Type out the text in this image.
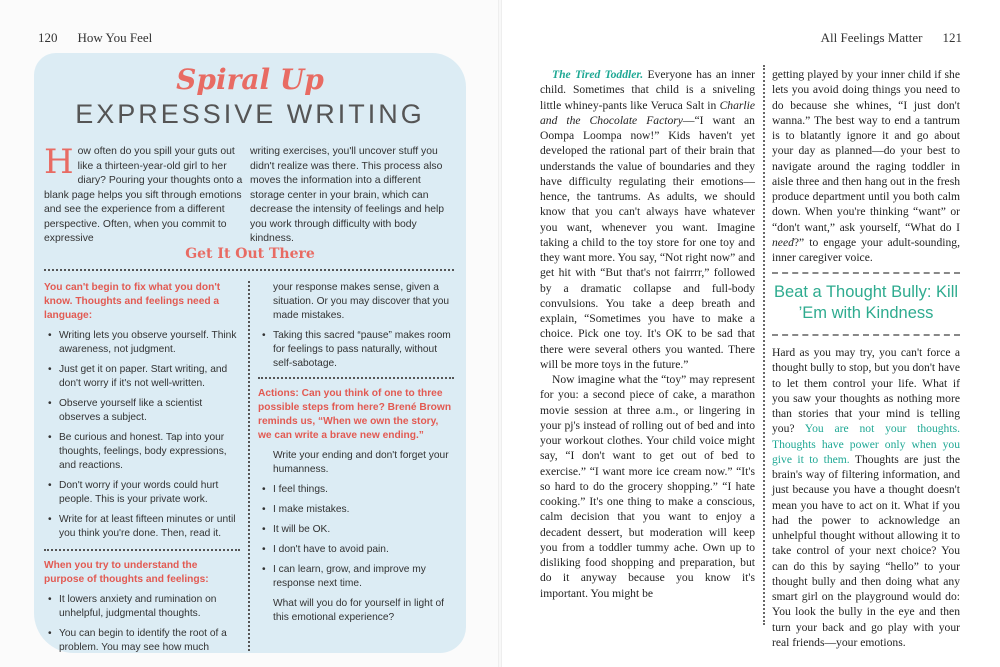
120 How You Feel	All Feelings Matter 121
Spiral Up
EXPRESSIVE WRITING
How often do you spill your guts out like a thirteen-year-old girl to her diary? Pouring your thoughts onto a blank page helps you sift through emotions and see the experience from a different perspective. Often, when you commit to expressive
writing exercises, you'll uncover stuff you didn't realize was there. This process also moves the information into a different storage center in your brain, which can decrease the intensity of feelings and help you work through difficulty with body kindness.
Get It Out There
You can't begin to fix what you don't know. Thoughts and feelings need a language:
• Writing lets you observe yourself. Think awareness, not judgment.
• Just get it on paper. Start writing, and don't worry if it's not well-written.
• Observe yourself like a scientist observes a subject.
• Be curious and honest. Tap into your thoughts, feelings, body expressions, and reactions.
• Don't worry if your words could hurt people. This is your private work.
• Write for at least fifteen minutes or until you think you're done. Then, read it.
When you try to understand the purpose of thoughts and feelings:
• It lowers anxiety and rumination on unhelpful, judgmental thoughts.
• You can begin to identify the root of a problem. You may see how much
your response makes sense, given a situation. Or you may discover that you made mistakes.
• Taking this sacred “pause” makes room for feelings to pass naturally, without self-sabotage.
Actions: Can you think of one to three possible steps from here? Brené Brown reminds us, “When we own the story, we can write a brave new ending.”
Write your ending and don't forget your humanness.
• I feel things.
• I make mistakes.
• It will be OK.
• I don't have to avoid pain.
• I can learn, grow, and improve my response next time.
What will you do for yourself in light of this emotional experience?

The Tired Toddler. Everyone has an inner child. Sometimes that child is a sniveling little whiney-pants like Veruca Salt in Charlie and the Chocolate Factory—“I want an Oompa Loompa now!” Kids haven't yet developed the rational part of their brain that understands the value of boundaries and they have difficulty regulating their emotions—hence, the tantrums. As adults, we should know that you can't always have whatever you want, whenever you want. Imagine taking a child to the toy store for one toy and they want more. You say, “Not right now” and get hit with “But that's not fairrrr,” followed by a dramatic collapse and full-body convulsions. You take a deep breath and explain, “Sometimes you have to make a choice. Pick one toy. It's OK to be sad that there were several others you wanted. There will be more toys in the future.”

Now imagine what the “toy” may represent for you: a second piece of cake, a marathon movie session at three a.m., or lingering in your pj's instead of rolling out of bed and into your workout clothes. Your child voice might say, “I don't want to get out of bed to exercise.” “I want more ice cream now.” “It's so hard to do the grocery shopping.” “I hate cooking.” It's one thing to make a conscious, calm decision that you want to enjoy a decadent dessert, but moderation will keep you from a toddler tummy ache. Own up to disliking food shopping and preparation, but do it anyway because you know it's important. You might be

getting played by your inner child if she lets you avoid doing things you need to do because she whines, “I just don't wanna.” The best way to end a tantrum is to blatantly ignore it and go about your day as planned—do your best to navigate around the raging toddler in aisle three and then hang out in the fresh produce department until you both calm down. When you're thinking “want” or “don't want,” ask yourself, “What do I need?” to engage your adult-sounding, inner caregiver voice.

Beat a Thought Bully: Kill ’Em with Kindness

Hard as you may try, you can't force a thought bully to stop, but you don't have to let them control your life. What if you saw your thoughts as nothing more than stories that your mind is telling you? You are not your thoughts. Thoughts have power only when you give it to them. Thoughts are just the brain's way of filtering information, and just because you have a thought doesn't mean you have to act on it. What if you had the power to acknowledge an unhelpful thought without allowing it to take control of your next choice? You can do this by saying “hello” to your thought bully and then doing what any smart girl on the playground would do: You look the bully in the eye and then turn your back and go play with your real friends—your emotions.
